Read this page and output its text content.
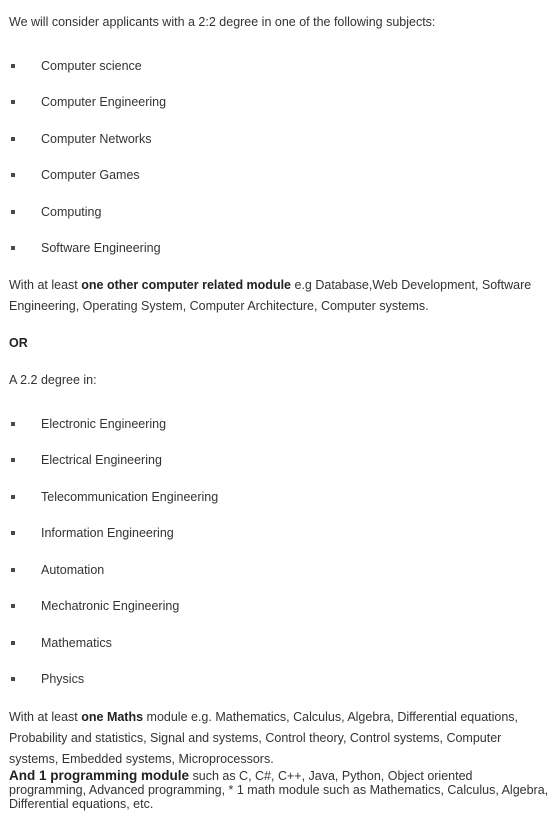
We will consider applicants with a 2:2 degree in one of the following subjects:

Computer science
Computer Engineering
Computer Networks
Computer Games
Computing
Software Engineering

With at least one other computer related module e.g Database,Web Development, Software Engineering, Operating System, Computer Architecture, Computer systems.

OR

A 2.2 degree in:

Electronic Engineering
Electrical Engineering
Telecommunication Engineering
Information Engineering
Automation
Mechatronic Engineering
Mathematics
Physics

With at least one Maths module e.g. Mathematics, Calculus, Algebra, Differential equations, Probability and statistics, Signal and systems, Control theory, Control systems, Computer systems, Embedded systems, Microprocessors.

And 1 programming module such as C, C#, C++, Java, Python, Object oriented programming, Advanced programming, * 1 math module such as Mathematics, Calculus, Algebra, Differential equations, etc.
